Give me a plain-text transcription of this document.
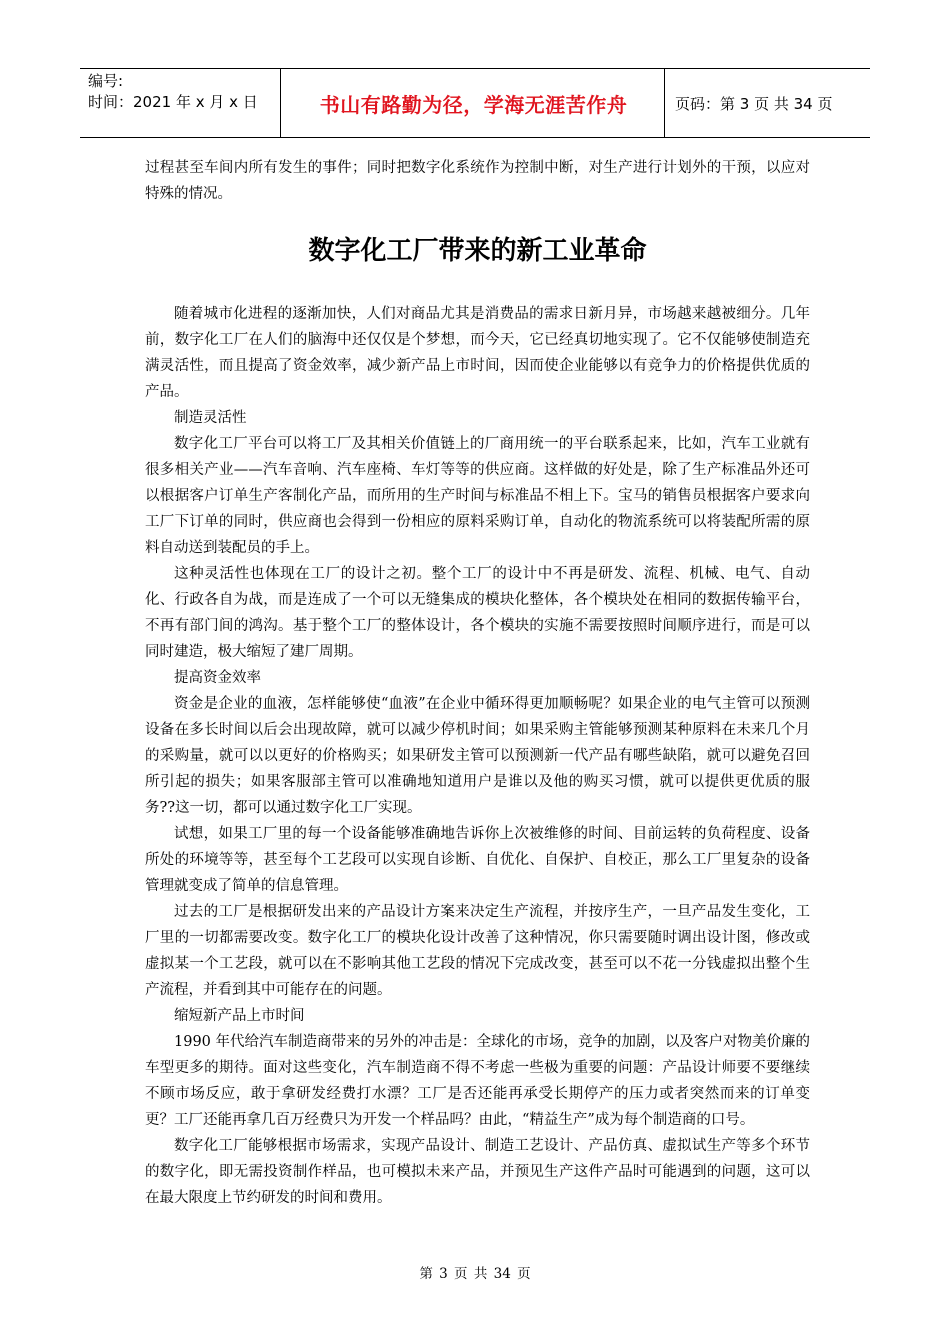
编号:
时间：2021 年 x 月 x 日	书山有路勤为径，学海无涯苦作舟	页码：第 3 页 共 34 页

过程甚至车间内所有发生的事件；同时把数字化系统作为控制中断，对生产进行计划外的干预，以应对特殊的情况。

数字化工厂带来的新工业革命

随着城市化进程的逐渐加快，人们对商品尤其是消费品的需求日新月异，市场越来越被细分。几年前，数字化工厂在人们的脑海中还仅仅是个梦想，而今天，它已经真切地实现了。它不仅能够使制造充满灵活性，而且提高了资金效率，减少新产品上市时间，因而使企业能够以有竞争力的价格提供优质的产品。

制造灵活性

数字化工厂平台可以将工厂及其相关价值链上的厂商用统一的平台联系起来，比如，汽车工业就有很多相关产业——汽车音响、汽车座椅、车灯等等的供应商。这样做的好处是，除了生产标准品外还可以根据客户订单生产客制化产品，而所用的生产时间与标准品不相上下。宝马的销售员根据客户要求向工厂下订单的同时，供应商也会得到一份相应的原料采购订单，自动化的物流系统可以将装配所需的原料自动送到装配员的手上。

这种灵活性也体现在工厂的设计之初。整个工厂的设计中不再是研发、流程、机械、电气、自动化、行政各自为战，而是连成了一个可以无缝集成的模块化整体，各个模块处在相同的数据传输平台，不再有部门间的鸿沟。基于整个工厂的整体设计，各个模块的实施不需要按照时间顺序进行，而是可以同时建造，极大缩短了建厂周期。

提高资金效率

资金是企业的血液，怎样能够使“血液”在企业中循环得更加顺畅呢？如果企业的电气主管可以预测设备在多长时间以后会出现故障，就可以减少停机时间；如果采购主管能够预测某种原料在未来几个月的采购量，就可以以更好的价格购买；如果研发主管可以预测新一代产品有哪些缺陷，就可以避免召回所引起的损失；如果客服部主管可以准确地知道用户是谁以及他的购买习惯，就可以提供更优质的服务??这一切，都可以通过数字化工厂实现。

试想，如果工厂里的每一个设备能够准确地告诉你上次被维修的时间、目前运转的负荷程度、设备所处的环境等等，甚至每个工艺段可以实现自诊断、自优化、自保护、自校正，那么工厂里复杂的设备管理就变成了简单的信息管理。

过去的工厂是根据研发出来的产品设计方案来决定生产流程，并按序生产，一旦产品发生变化，工厂里的一切都需要改变。数字化工厂的模块化设计改善了这种情况，你只需要随时调出设计图，修改或虚拟某一个工艺段，就可以在不影响其他工艺段的情况下完成改变，甚至可以不花一分钱虚拟出整个生产流程，并看到其中可能存在的问题。

缩短新产品上市时间

1990 年代给汽车制造商带来的另外的冲击是：全球化的市场，竞争的加剧，以及客户对物美价廉的车型更多的期待。面对这些变化，汽车制造商不得不考虑一些极为重要的问题：产品设计师要不要继续不顾市场反应，敢于拿研发经费打水漂？工厂是否还能再承受长期停产的压力或者突然而来的订单变更？工厂还能再拿几百万经费只为开发一个样品吗？由此，“精益生产”成为每个制造商的口号。

数字化工厂能够根据市场需求，实现产品设计、制造工艺设计、产品仿真、虚拟试生产等多个环节的数字化，即无需投资制作样品，也可模拟未来产品，并预见生产这件产品时可能遇到的问题，这可以在最大限度上节约研发的时间和费用。

第 3 页 共 34 页
